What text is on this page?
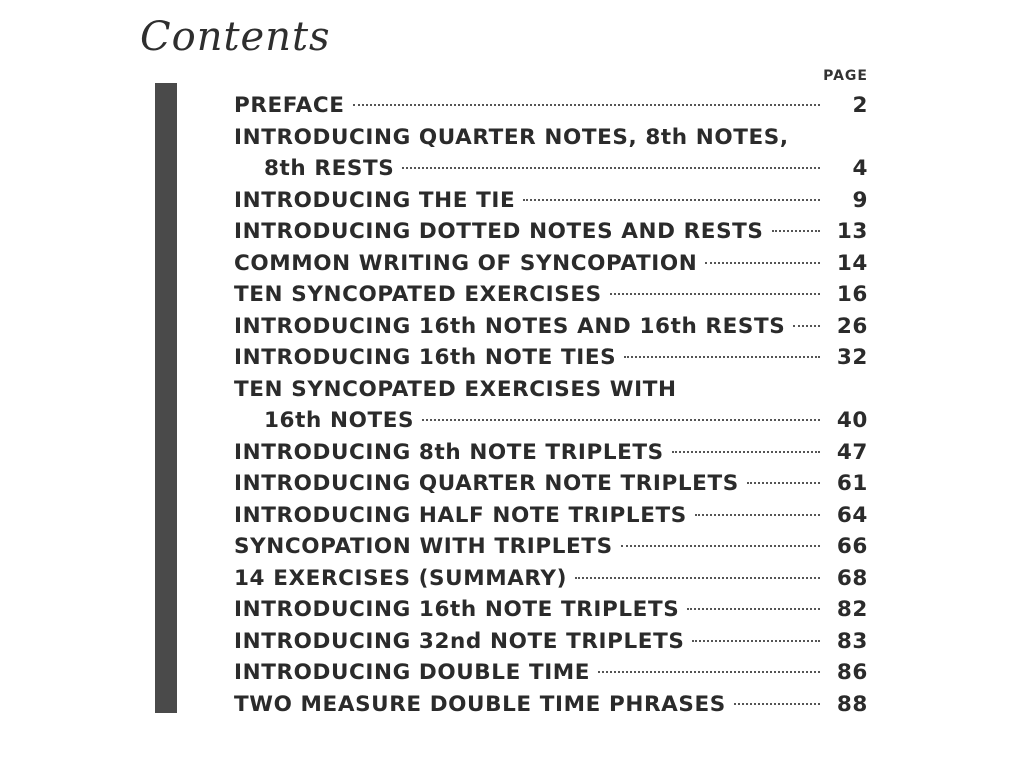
Contents
PAGE
PREFACE	2
INTRODUCING QUARTER NOTES, 8th NOTES,
8th RESTS	4
INTRODUCING THE TIE	9
INTRODUCING DOTTED NOTES AND RESTS	13
COMMON WRITING OF SYNCOPATION	14
TEN SYNCOPATED EXERCISES	16
INTRODUCING 16th NOTES AND 16th RESTS 26
INTRODUCING 16th NOTE TIES	32
TEN SYNCOPATED EXERCISES WITH
16th NOTES	40
INTRODUCING 8th NOTE TRIPLETS	47
INTRODUCING QUARTER NOTE TRIPLETS	61
INTRODUCING HALF NOTE TRIPLETS	64
SYNCOPATION WITH TRIPLETS	66
14 EXERCISES (SUMMARY)	68
INTRODUCING 16th NOTE TRIPLETS	82
INTRODUCING 32nd NOTE TRIPLETS	83
INTRODUCING DOUBLE TIME	86
TWO MEASURE DOUBLE TIME PHRASES	88
